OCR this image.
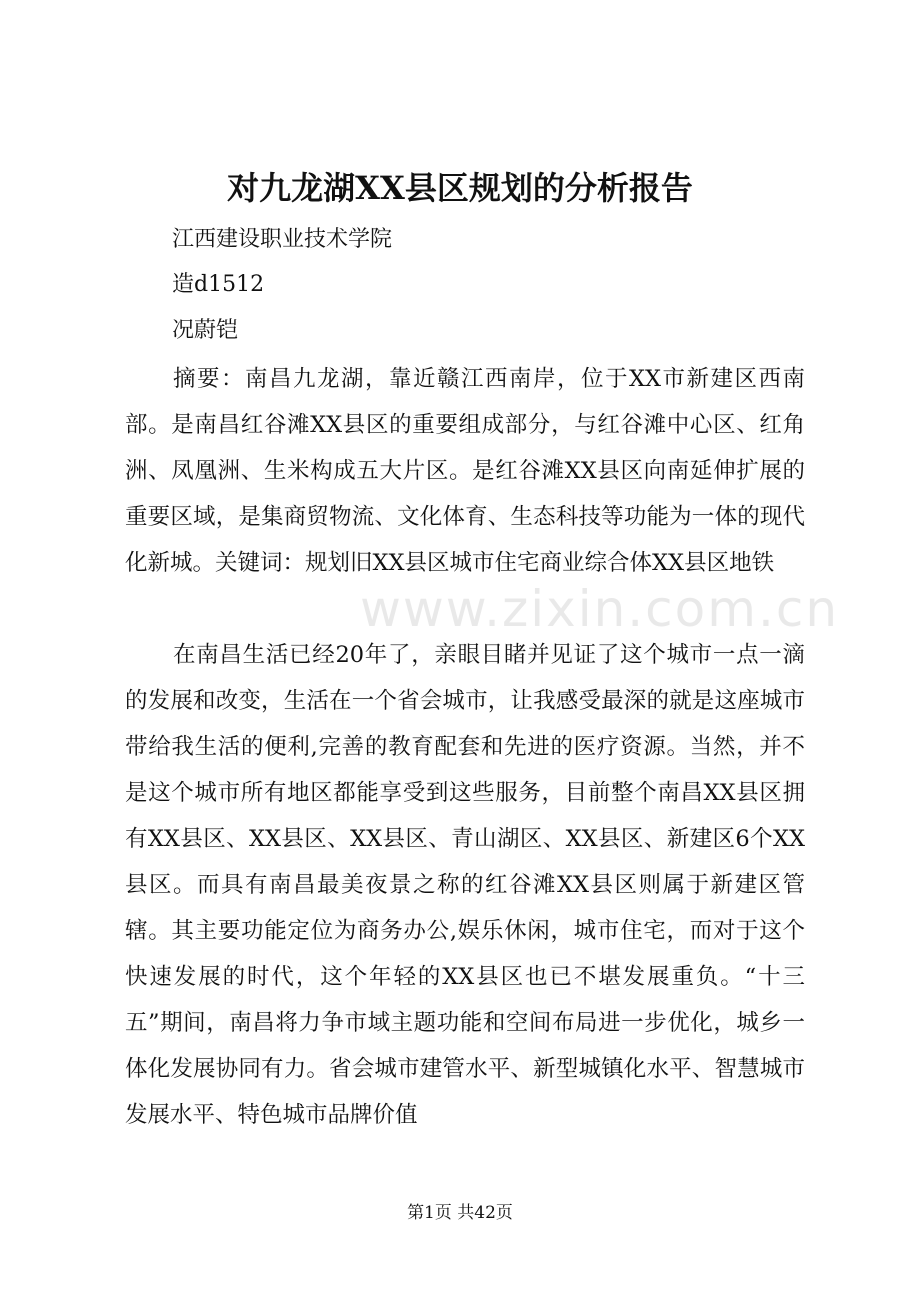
对九龙湖XX县区规划的分析报告

江西建设职业技术学院

造d1512

况蔚铠

摘要：南昌九龙湖，靠近赣江西南岸，位于XX市新建区西南部。是南昌红谷滩XX县区的重要组成部分，与红谷滩中心区、红角洲、凤凰洲、生米构成五大片区。是红谷滩XX县区向南延伸扩展的重要区域，是集商贸物流、文化体育、生态科技等功能为一体的现代化新城。关键词：规划旧XX县区城市住宅商业综合体XX县区地铁

www.zixin.com.cn

在南昌生活已经20年了，亲眼目睹并见证了这个城市一点一滴的发展和改变，生活在一个省会城市，让我感受最深的就是这座城市带给我生活的便利,完善的教育配套和先进的医疗资源。当然，并不是这个城市所有地区都能享受到这些服务，目前整个南昌XX县区拥有XX县区、XX县区、XX县区、青山湖区、XX县区、新建区6个XX县区。而具有南昌最美夜景之称的红谷滩XX县区则属于新建区管辖。其主要功能定位为商务办公,娱乐休闲，城市住宅，而对于这个快速发展的时代，这个年轻的XX县区也已不堪发展重负。“十三五”期间，南昌将力争市域主题功能和空间布局进一步优化，城乡一体化发展协同有力。省会城市建管水平、新型城镇化水平、智慧城市发展水平、特色城市品牌价值

第1页 共42页
